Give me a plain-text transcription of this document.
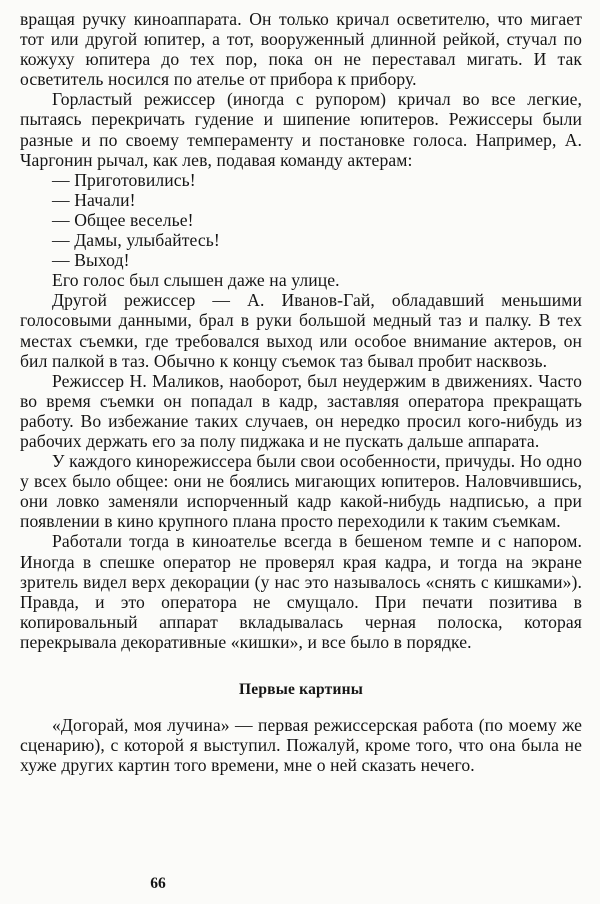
вращая ручку киноаппарата. Он только кричал осветителю, что мигает тот или другой юпитер, а тот, вооруженный длинной рейкой, стучал по кожуху юпитера до тех пор, пока он не переставал мигать. И так осветитель носился по ателье от прибора к прибору.

Горластый режиссер (иногда с рупором) кричал во все легкие, пытаясь перекричать гудение и шипение юпитеров. Режиссеры были разные и по своему темпераменту и постановке голоса. Например, А. Чаргонин рычал, как лев, подавая команду актерам:

— Приготовились!
— Начали!
— Общее веселье!
— Дамы, улыбайтесь!
— Выход!

Его голос был слышен даже на улице.

Другой режиссер — А. Иванов-Гай, обладавший меньшими голосовыми данными, брал в руки большой медный таз и палку. В тех местах съемки, где требовался выход или особое внимание актеров, он бил палкой в таз. Обычно к концу съемок таз бывал пробит насквозь.

Режиссер Н. Маликов, наоборот, был неудержим в движениях. Часто во время съемки он попадал в кадр, заставляя оператора прекращать работу. Во избежание таких случаев, он нередко просил кого-нибудь из рабочих держать его за полу пиджака и не пускать дальше аппарата.

У каждого кинорежиссера были свои особенности, причуды. Но одно у всех было общее: они не боялись мигающих юпитеров. Наловчившись, они ловко заменяли испорченный кадр какой-нибудь надписью, а при появлении в кино крупного плана просто переходили к таким съемкам.

Работали тогда в киноателье всегда в бешеном темпе и с напором. Иногда в спешке оператор не проверял края кадра, и тогда на экране зритель видел верх декорации (у нас это называлось «снять с кишками»). Правда, и это оператора не смущало. При печати позитива в копировальный аппарат вкладывалась черная полоска, которая перекрывала декоративные «кишки», и все было в порядке.

Первые картины

«Догорай, моя лучина» — первая режиссерская работа (по моему же сценарию), с которой я выступил. Пожалуй, кроме того, что она была не хуже других картин того времени, мне о ней сказать нечего.

66
